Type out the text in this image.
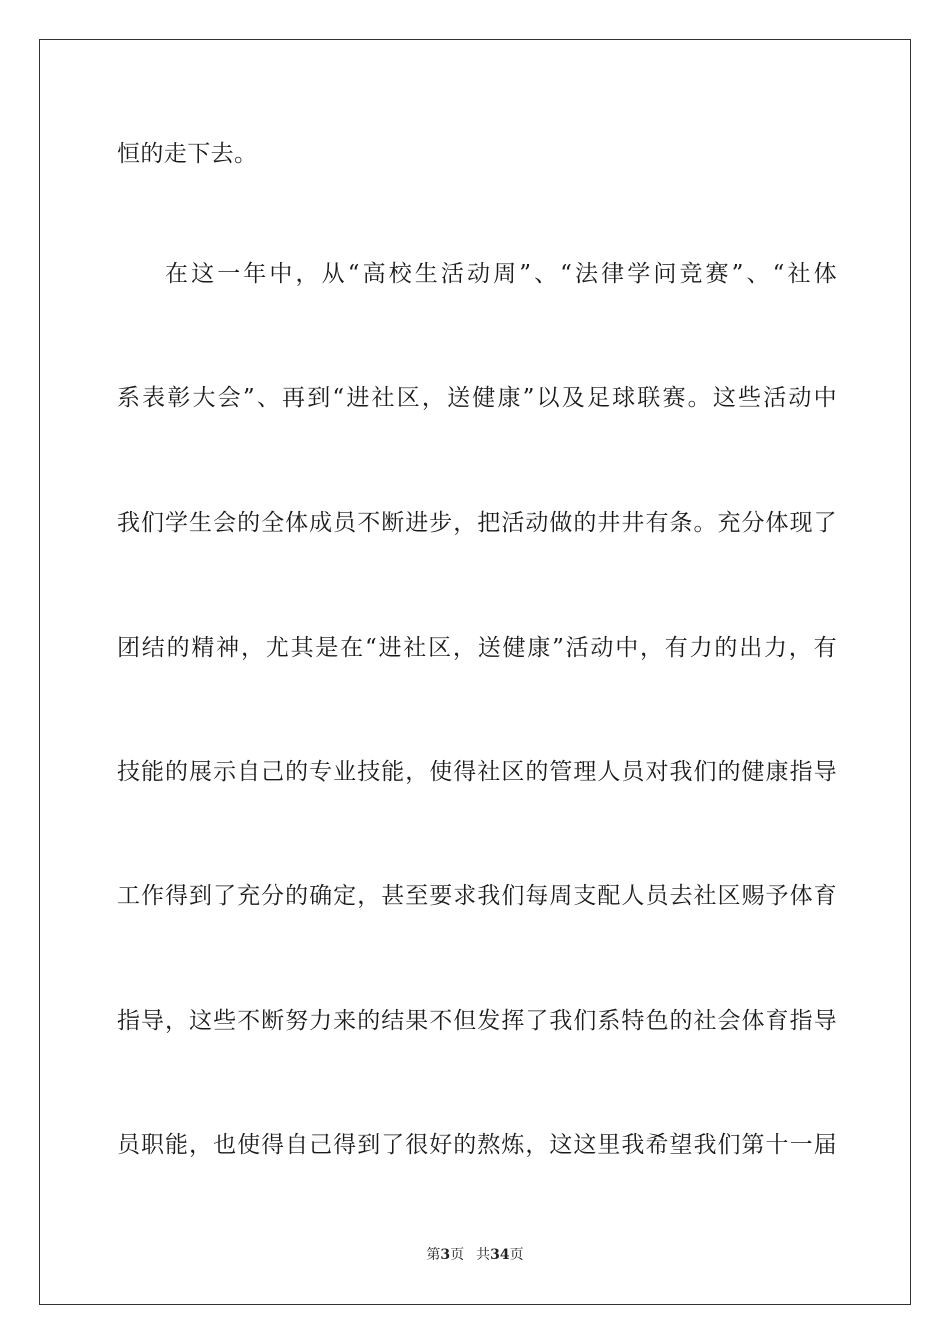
恒的走下去。
在这一年中，从“高校生活动周”、“法律学问竞赛”、“社体
系表彰大会”、再到“进社区，送健康”以及足球联赛。这些活动中
我们学生会的全体成员不断进步，把活动做的井井有条。充分体现了
团结的精神，尤其是在“进社区，送健康”活动中，有力的出力，有
技能的展示自己的专业技能，使得社区的管理人员对我们的健康指导
工作得到了充分的确定，甚至要求我们每周支配人员去社区赐予体育
指导，这些不断努力来的结果不但发挥了我们系特色的社会体育指导
员职能，也使得自己得到了很好的熬炼，这这里我希望我们第十一届
第3页 共34页
